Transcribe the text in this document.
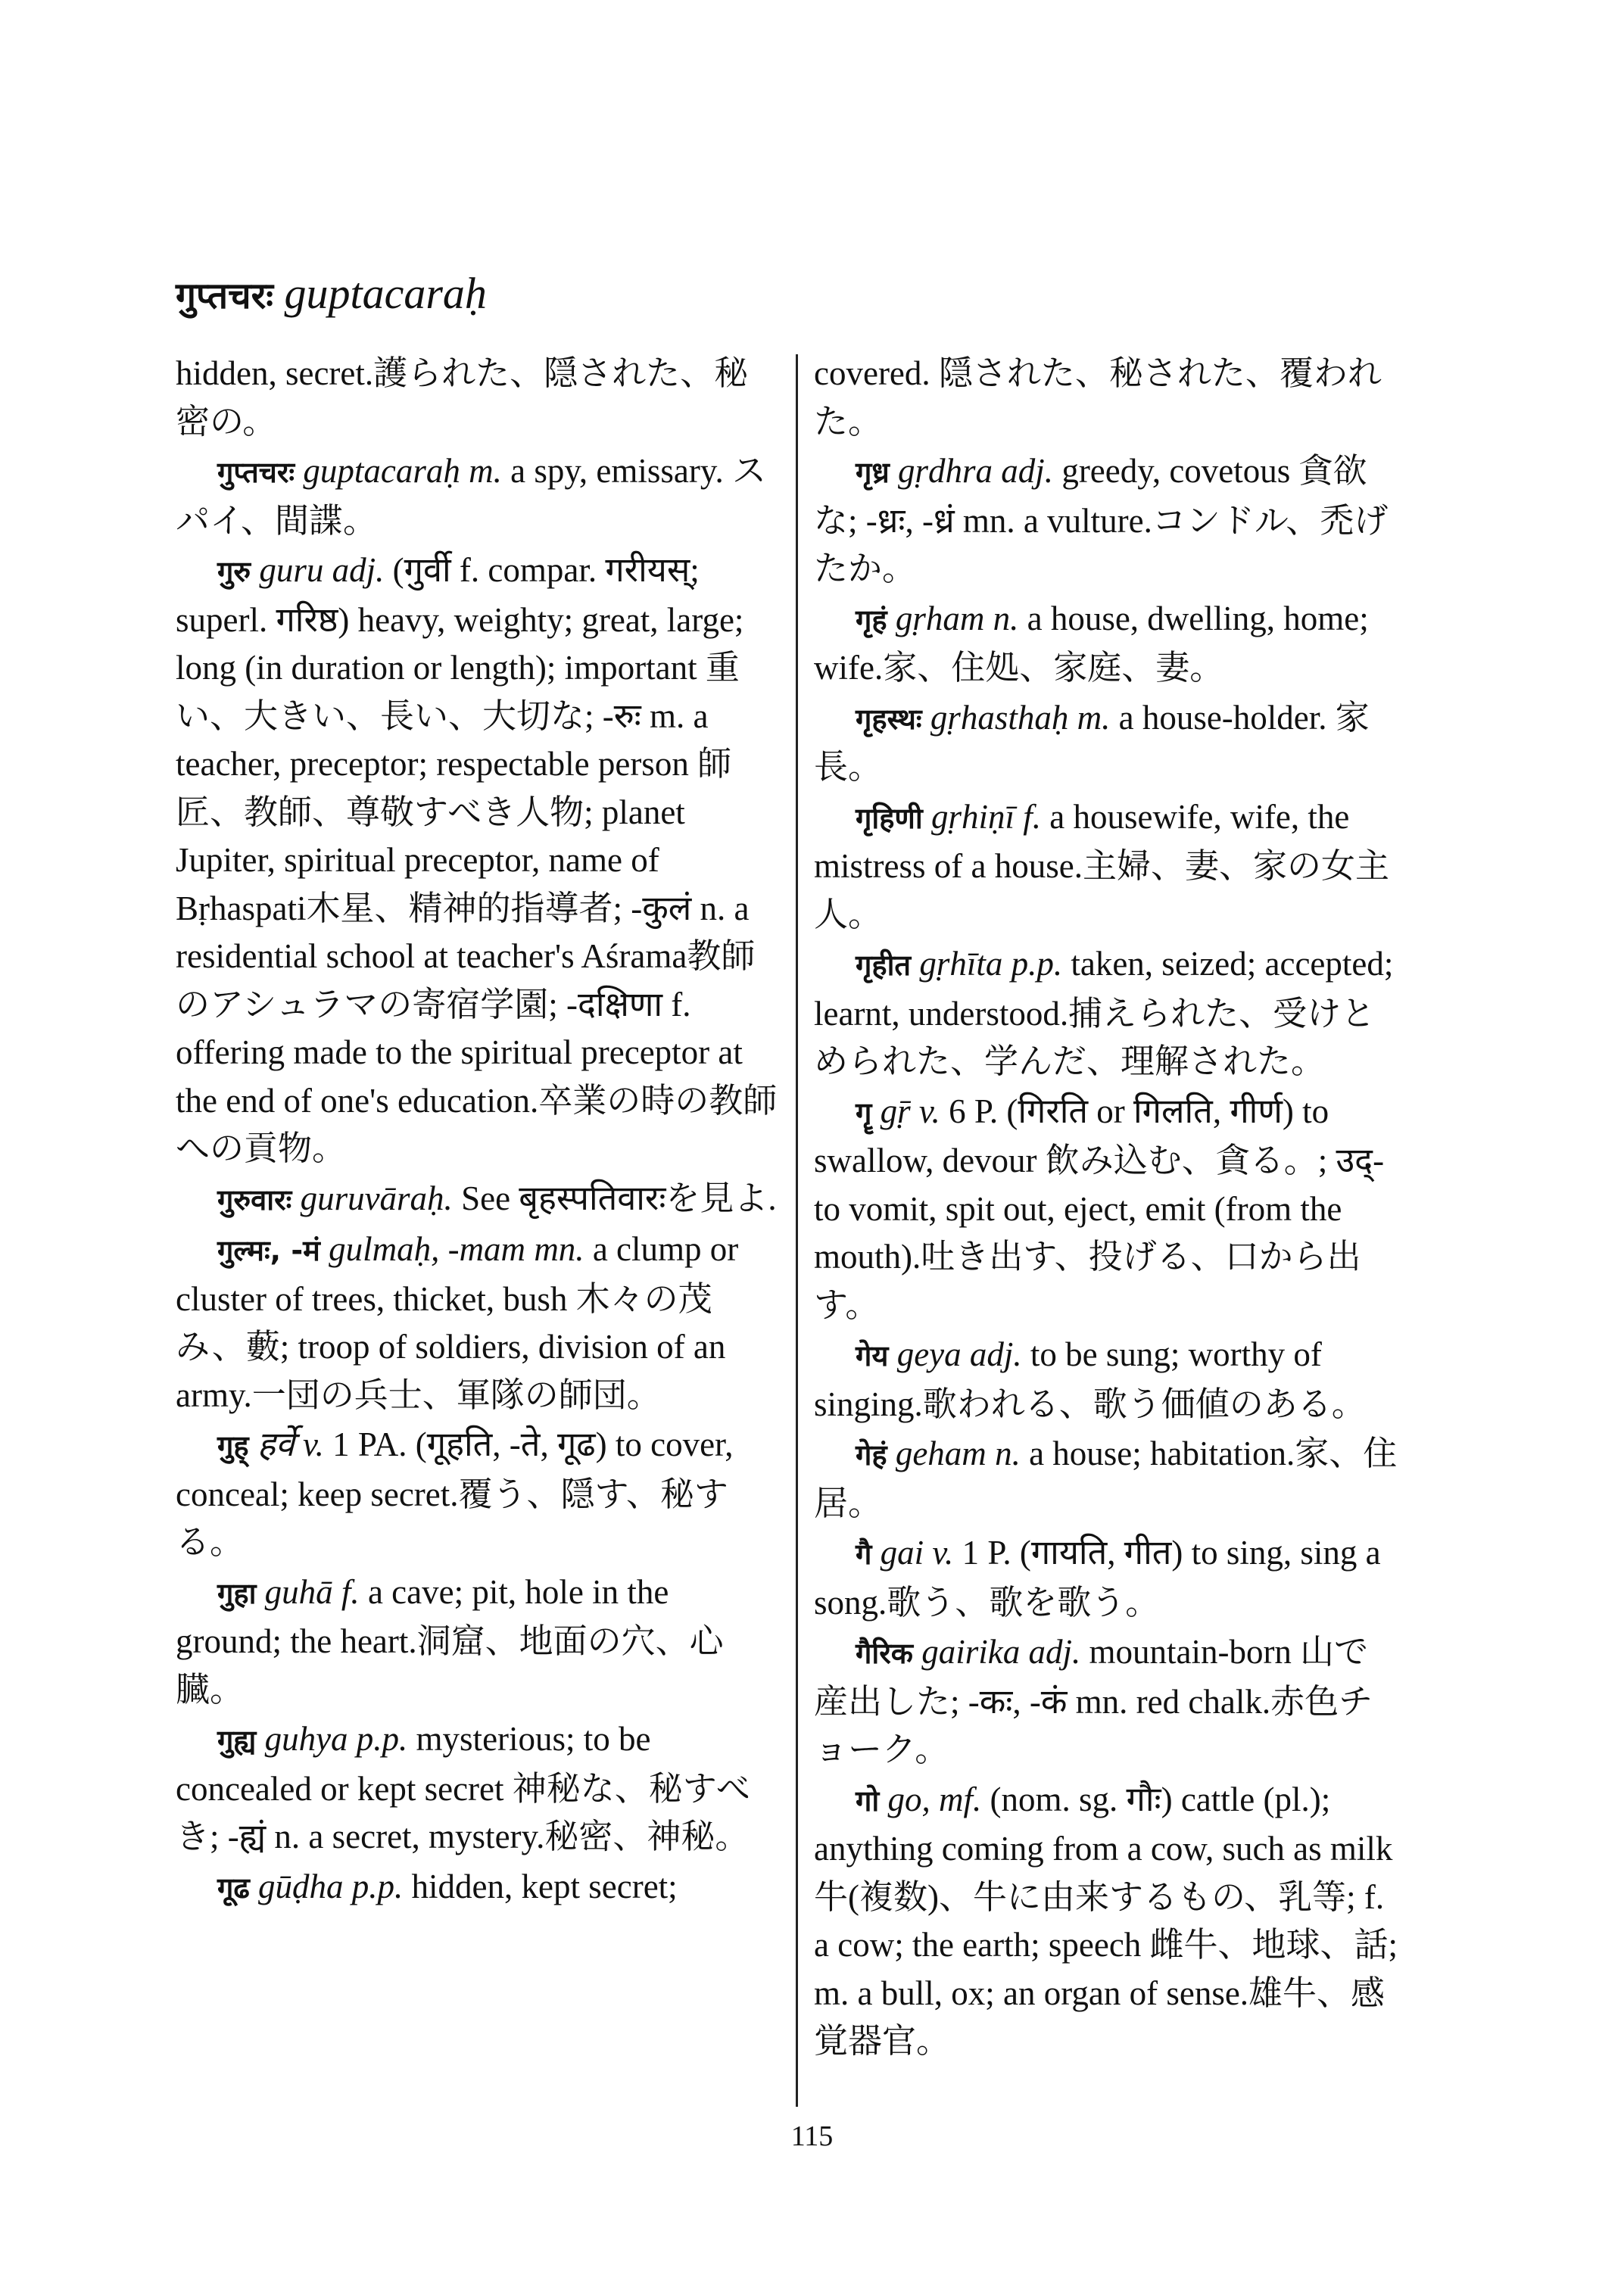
गुप्तचरः guptacaraḥ

hidden, secret.護られた、隠された、秘密の。

गुप्तचरः guptacaraḥ m. a spy, emissary. スパイ、間諜。

गुरु guru adj. (गुर्वी f. compar. गरीयस्; superl. गरिष्ठ) heavy, weighty; great, large; long (in duration or length); important 重い、大きい、長い、大切な; -रुः m. a teacher, preceptor; respectable person 師匠、教師、尊敬すべき人物; planet Jupiter, spiritual preceptor, name of Bṛhaspati木星、精神的指導者; -कुलं n. a residential school at teacher's Aśrama教師のアシュラマの寄宿学園; -दक्षिणा f. offering made to the spiritual preceptor at the end of one's education.卒業の時の教師への貢物。

गुरुवारः guruvāraḥ. See बृहस्पतिवारःを見よ.

गुल्मः, -मं gulmaḥ, -mam mn. a clump or cluster of trees, thicket, bush 木々の茂み、藪; troop of soldiers, division of an army.一団の兵士、軍隊の師団。

गुह् हर्वे v. 1 PA. (गूहति, -ते, गूढ) to cover, conceal; keep secret.覆う、隠す、秘する。

गुहा guhā f. a cave; pit, hole in the ground; the heart.洞窟、地面の穴、心臓。

गुह्य guhya p.p. mysterious; to be concealed or kept secret 神秘な、秘すべき; -ह्यं n. a secret, mystery.秘密、神秘。

गूढ gūḍha p.p. hidden, kept secret;

covered. 隠された、秘された、覆われた。

गृध्र gṛdhra adj. greedy, covetous 貪欲な; -ध्रः, -ध्रं mn. a vulture.コンドル、禿げたか。

गृहं gṛham n. a house, dwelling, home; wife.家、住処、家庭、妻。

गृहस्थः gṛhasthaḥ m. a house-holder. 家長。

गृहिणी gṛhiṇī f. a housewife, wife, the mistress of a house.主婦、妻、家の女主人。

गृहीत gṛhīta p.p. taken, seized; accepted; learnt, understood.捕えられた、受けとめられた、学んだ、理解された。

गॄ gṝ v. 6 P. (गिरति or गिलति, गीर्ण) to swallow, devour 飲み込む、貪る。; उद्- to vomit, spit out, eject, emit (from the mouth).吐き出す、投げる、口から出す。

गेय geya adj. to be sung; worthy of singing.歌われる、歌う価値のある。

गेहं geham n. a house; habitation.家、住居。

गै gai v. 1 P. (गायति, गीत) to sing, sing a song.歌う、歌を歌う。

गैरिक gairika adj. mountain-born 山で産出した; -कः, -कं mn. red chalk.赤色チョーク。

गो go, mf. (nom. sg. गौः) cattle (pl.); anything coming from a cow, such as milk 牛(複数)、牛に由来するもの、乳等; f. a cow; the earth; speech 雌牛、地球、話; m. a bull, ox; an organ of sense.雄牛、感覚器官。

115
